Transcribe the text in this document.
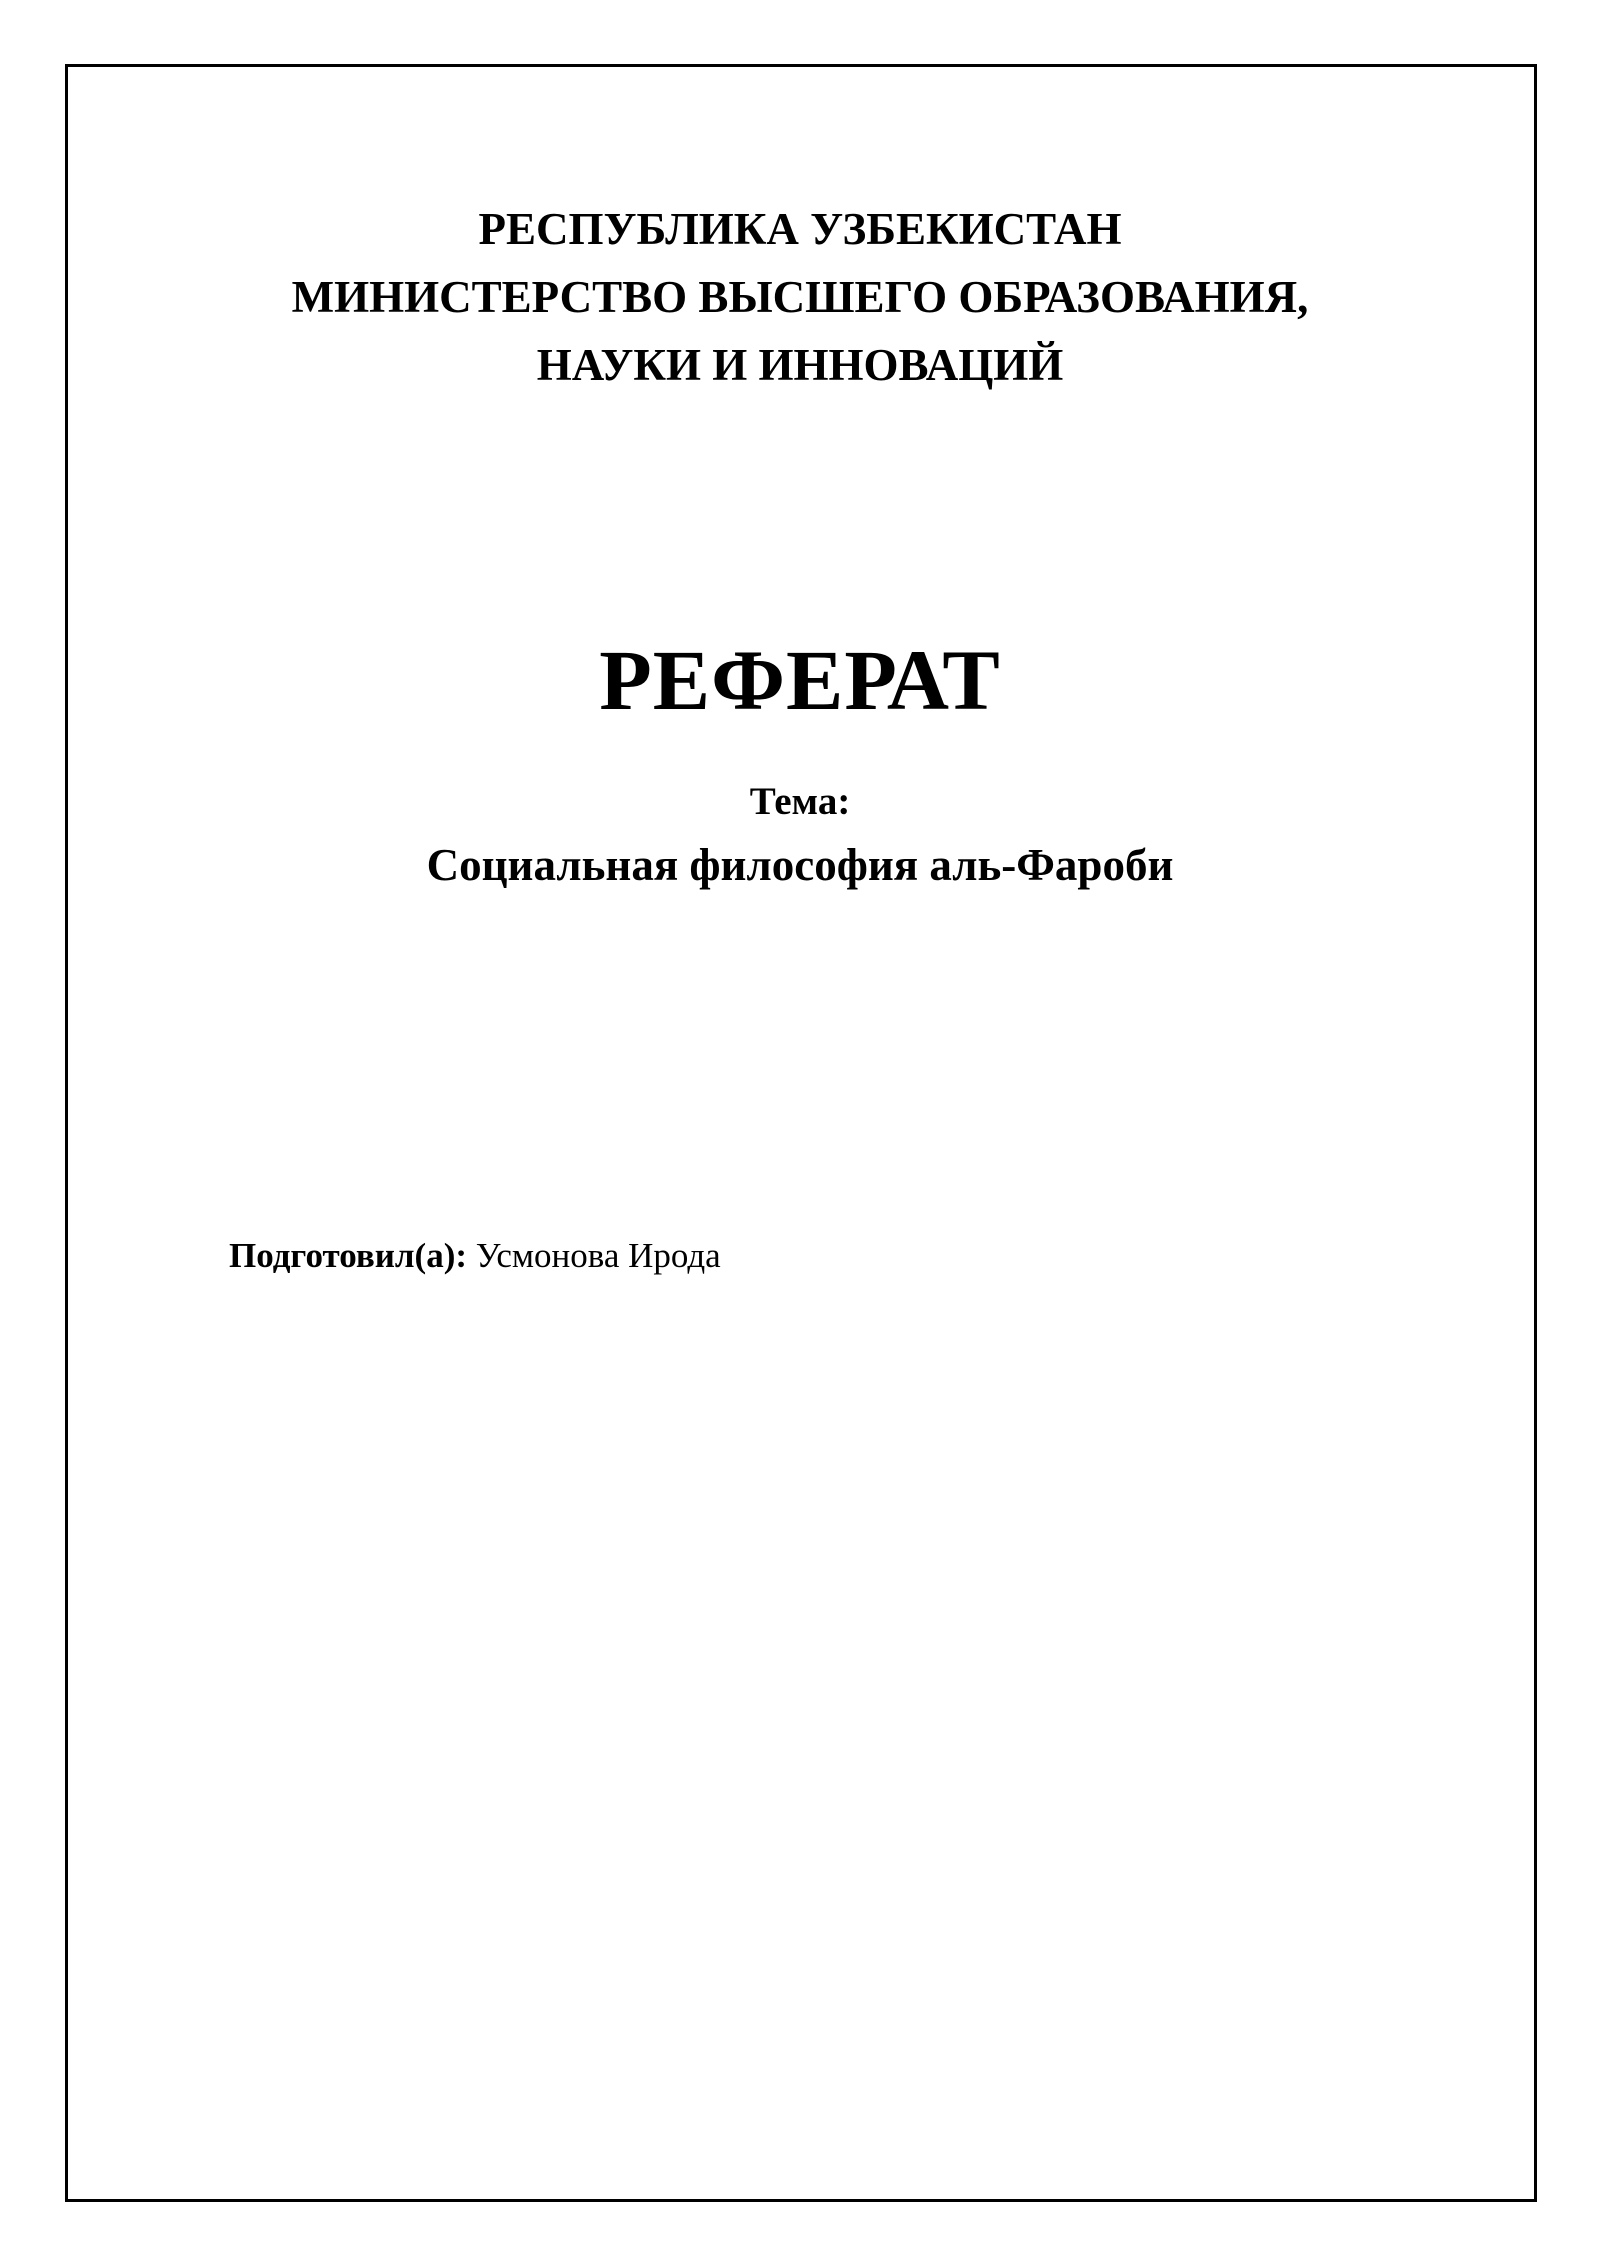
РЕСПУБЛИКА УЗБЕКИСТАН
МИНИСТЕРСТВО ВЫСШЕГО ОБРАЗОВАНИЯ,
НАУКИ И ИННОВАЦИЙ
РЕФЕРАТ
Тема:
Социальная философия аль-Фароби
Подготовил(а): Усмонова Ирода
